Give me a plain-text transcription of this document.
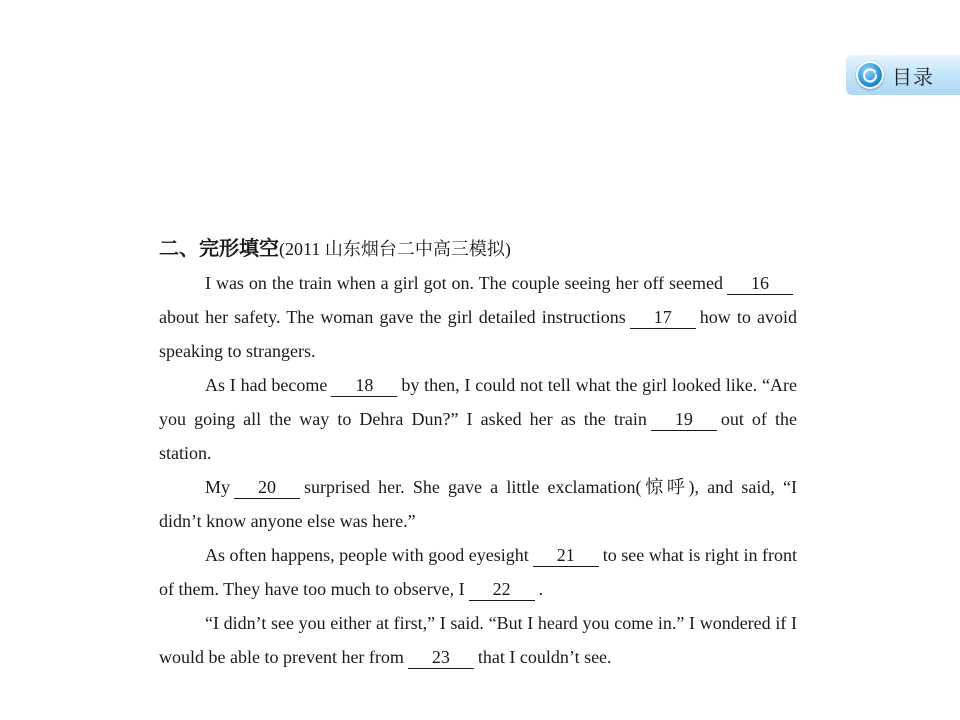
目录
二、完形填空(2011 山东烟台二中高三模拟)

I was on the train when a girl got on. The couple seeing her off seemed 16about her safety. The woman gave the girl detailed instructions 17 how to avoid speaking to strangers.

As I had become 18 by then, I could not tell what the girl looked like. “Are you going all the way to Dehra Dun?” I asked her as the train 19 out of the station.

My 20 surprised her. She gave a little exclamation(惊呼), and said, “I didn’t know anyone else was here.”

As often happens, people with good eyesight 21 to see what is right in front of them. They have too much to observe, I 22 .

“I didn’t see you either at first,” I said. “But I heard you come in.” I wondered if I would be able to prevent her from 23 that I couldn’t see.
